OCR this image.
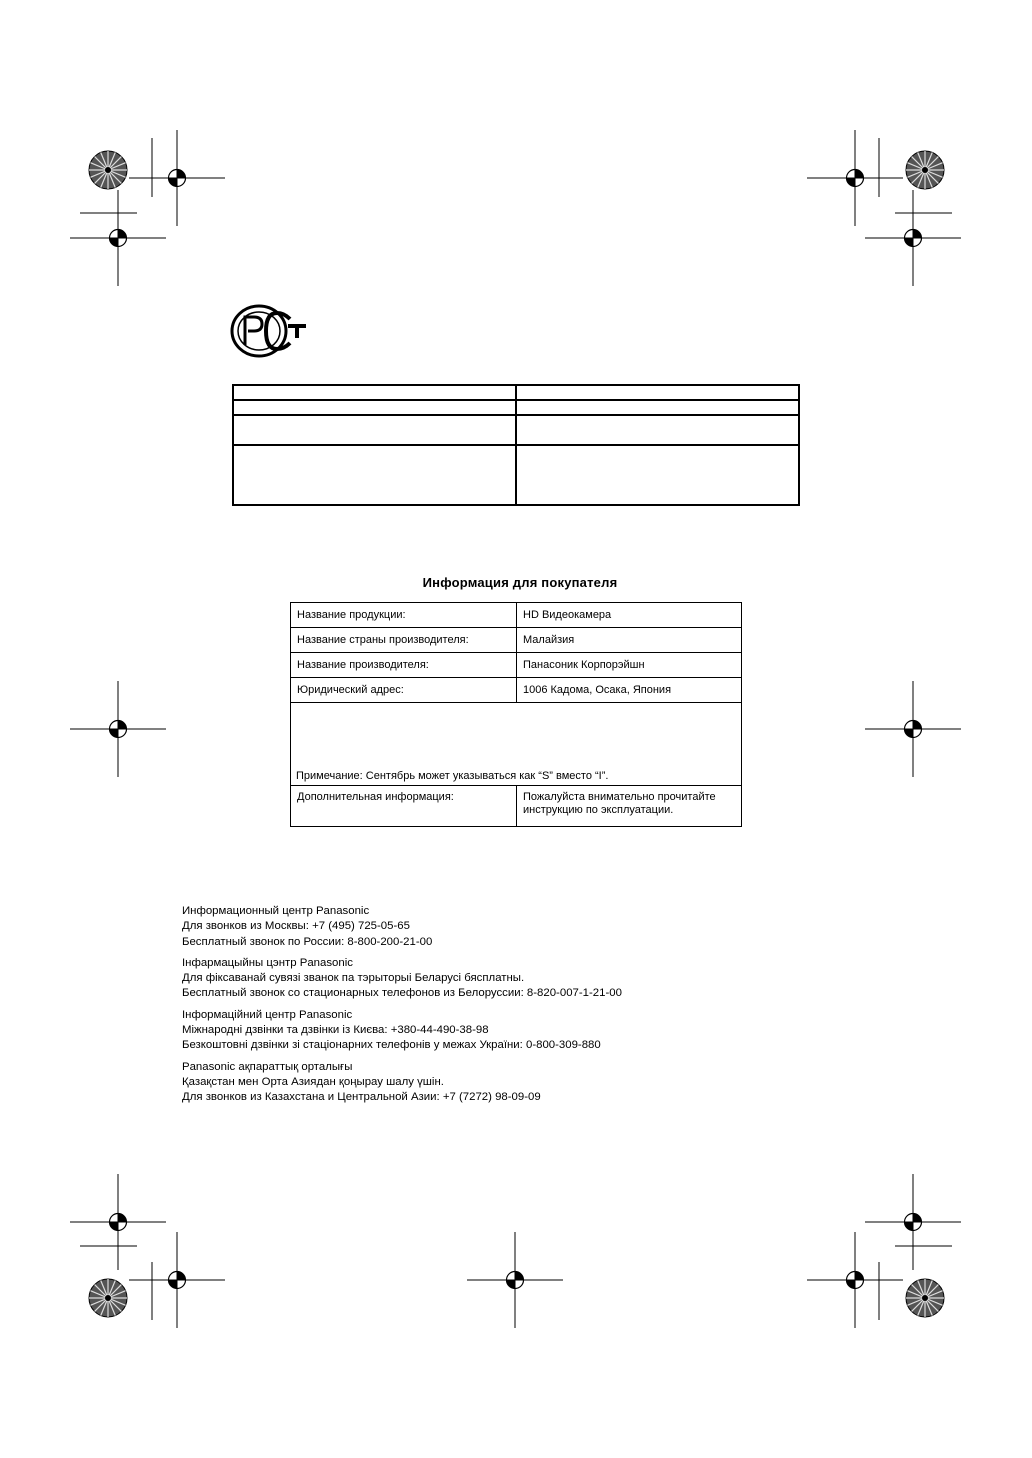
Информация для покупателя
Название продукции:	HD Видеокамера
Название страны производителя:	Малайзия
Название производителя:	Панасоник Корпорэйшн
Юридический адрес:	1006 Кадома, Осака, Япония
Примечание: Сентябрь может указываться как “S” вместо “I”.	
Дополнительная информация:	Пожалуйста внимательно прочитайте
инструкцию по эксплуатации.
Информационный центр Panasonic
Для звонков из Москвы: +7 (495) 725-05-65
Бесплатный звонок по России: 8-800-200-21-00
Інфармацыйны цэнтр Panasonic
Для фіксаванай сувязі званок па тэрыторыі Беларусі бясплатны.
Бесплатный звонок со стационарных телефонов из Белоруссии: 8-820-007-1-21-00
Інформаційний центр Panasonic
Міжнародні дзвінки та дзвінки із Києва: +380-44-490-38-98
Безкоштовні дзвінки зі стаціонарних телефонів у межах України: 0-800-309-880
Panasonic ақпараттық орталығы
Қазақстан мен Орта Азиядан қоңырау шалу үшін.
Для звонков из Казахстана и Центральной Азии: +7 (7272) 98-09-09
